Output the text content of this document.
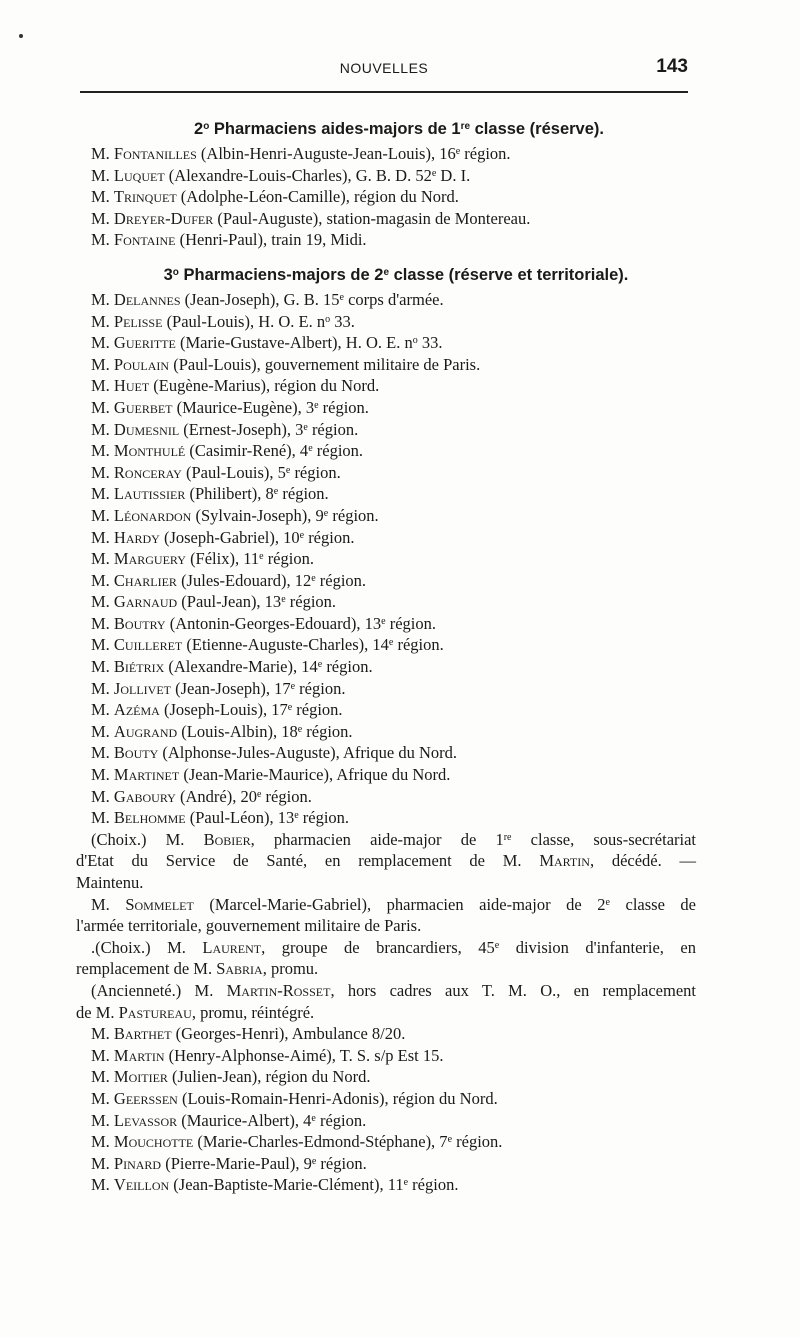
NOUVELLES	143
2$^o$ Pharmaciens aides-majors de 1re classe (réserve).
M. Fontanilles (Albin-Henri-Auguste-Jean-Louis), 16e région.
M. Luquet (Alexandre-Louis-Charles), G. B. D. 52e D. I.
M. Trinquet (Adolphe-Léon-Camille), région du Nord.
M. Dreyer-Dufer (Paul-Auguste), station-magasin de Montereau.
M. Fontaine (Henri-Paul), train 19, Midi.
3$^o$ Pharmaciens-majors de 2e classe (réserve et territoriale).
M. Delannes (Jean-Joseph), G. B. 15e corps d'armée.
M. Pelisse (Paul-Louis), H. O. E. $n^o$ 33.
M. Gueritte (Marie-Gustave-Albert), H. O. E. $n^o$ 33.
M. Poulain (Paul-Louis), gouvernement militaire de Paris.
M. Huet (Eugène-Marius), région du Nord.
M. Guerbet (Maurice-Eugène), 3e région.
M. Dumesnil (Ernest-Joseph), 3e région.
M. Monthulé (Casimir-René), 4e région.
M. Ronceray (Paul-Louis), 5e région.
M. Lautissier (Philibert), 8e région.
M. Léonardon (Sylvain-Joseph), 9e région.
M. Hardy (Joseph-Gabriel), 10e région.
M. Marguery (Félix), 11e région.
M. Charlier (Jules-Edouard), 12e région.
M. Garnaud (Paul-Jean), 13e région.
M. Boutry (Antonin-Georges-Edouard), 13e région.
M. Cuilleret (Etienne-Auguste-Charles), 14e région.
M. Biétrix (Alexandre-Marie), 14e région.
M. Jollivet (Jean-Joseph), 17e région.
M. Azéma (Joseph-Louis), 17e région.
M. Augrand (Louis-Albin), 18e région.
M. Bouty (Alphonse-Jules-Auguste), Afrique du Nord.
M. Martinet (Jean-Marie-Maurice), Afrique du Nord.
M. Gaboury (André), 20e région.
M. Belhomme (Paul-Léon), 13e région.
(Choix.) M. Bobier, pharmacien aide-major de 1re classe, sous-secrétariat
d'Etat du Service de Santé, en remplacement de M. Martin, décédé. —
Maintenu.
M. Sommelet (Marcel-Marie-Gabriel), pharmacien aide-major de 2e classe de
l'armée territoriale, gouvernement militaire de Paris.
.(Choix.) M. Laurent, groupe de brancardiers, 45e division d'infanterie, en
remplacement de M. Sabria, promu.
(Ancienneté.) M. Martin-Rosset, hors cadres aux T. M. O., en remplacement
de M. Pastureau, promu, réintégré.
M. Barthet (Georges-Henri), Ambulance 8/20.
M. Martin (Henry-Alphonse-Aimé), T. S. s/p Est 15.
M. Moitier (Julien-Jean), région du Nord.
M. Geerssen (Louis-Romain-Henri-Adonis), région du Nord.
M. Levassor (Maurice-Albert), 4e région.
M. Mouchotte (Marie-Charles-Edmond-Stéphane), 7e région.
M. Pinard (Pierre-Marie-Paul), 9e région.
M. Veillon (Jean-Baptiste-Marie-Clément), 11e région.
